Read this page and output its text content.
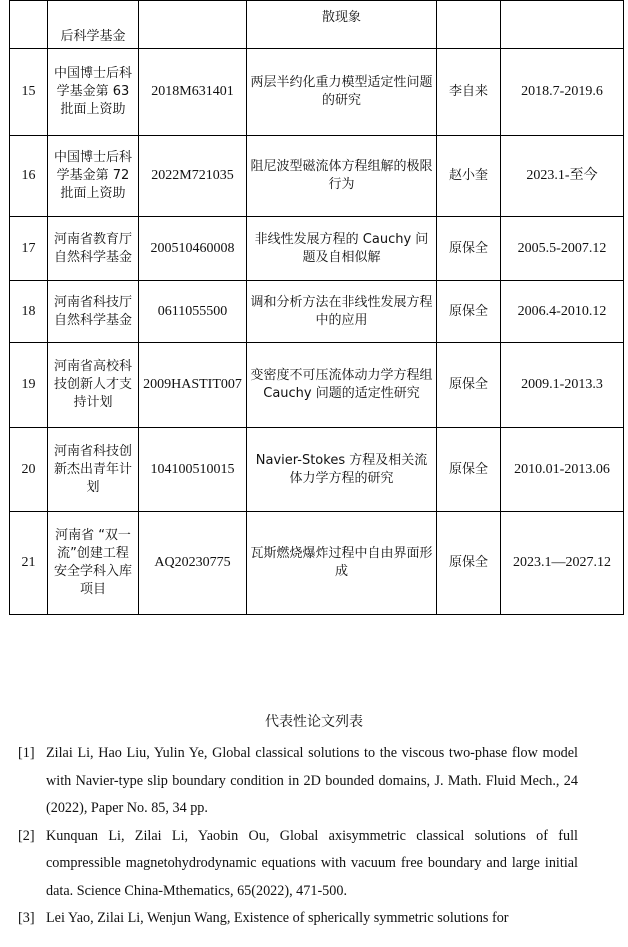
	后科学基金		散现象		
15	中国博士后科学基金第 63 批面上资助	2018M631401	两层半约化重力模型适定性问题的研究	李自来	2018.7-2019.6
16	中国博士后科学基金第 72 批面上资助	2022M721035	阻尼波型磁流体方程组解的极限行为	赵小奎	2023.1-至今
17	河南省教育厅自然科学基金	200510460008	非线性发展方程的 Cauchy 问题及自相似解	原保全	2005.5-2007.12
18	河南省科技厅自然科学基金	0611055500	调和分析方法在非线性发展方程中的应用	原保全	2006.4-2010.12
19	河南省高校科技创新人才支持计划	2009HASTIT007	变密度不可压流体动力学方程组 Cauchy 问题的适定性研究	原保全	2009.1-2013.3
20	河南省科技创新杰出青年计划	104100510015	Navier-Stokes 方程及相关流体力学方程的研究	原保全	2010.01-2013.06
21	河南省 “双一流”创建工程安全学科入库项目	AQ20230775	瓦斯燃烧爆炸过程中自由界面形成	原保全	2023.1—2027.12
代表性论文列表
[1] Zilai Li, Hao Liu, Yulin Ye, Global classical solutions to the viscous two-phase flow model with Navier-type slip boundary condition in 2D bounded domains, J. Math. Fluid Mech., 24 (2022), Paper No. 85, 34 pp.
[2] Kunquan Li, Zilai Li, Yaobin Ou, Global axisymmetric classical solutions of full compressible magnetohydrodynamic equations with vacuum free boundary and large initial data. Science China-Mthematics, 65(2022), 471-500.
[3] Lei Yao, Zilai Li, Wenjun Wang, Existence of spherically symmetric solutions for
